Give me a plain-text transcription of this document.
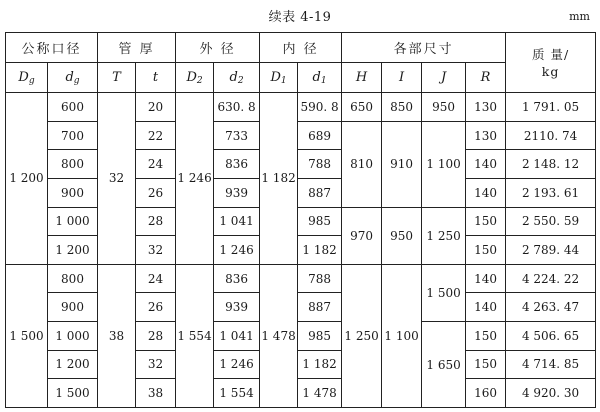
续表 4-19	mm
公称口径		管 厚		外 径		内 径		各部尺寸				质 量/
kg

$D_g$	$d_g$	T	t	$D_2$	$d_2$	$D_1$	$d_1$	H	I	J	R	
1 200	600	32	20	1 246	630. 8	1 182	590. 8	650	850	950	130	1 791. 05
	700		22		733		689	810	910	1 100	130	2110. 74
	800		24		836		788				140	2 148. 12
	900		26		939		887				140	2 193. 61
	1 000		28		1 041		985	970	950	1 250	150	2 550. 59
	1 200		32		1 246		1 182				150	2 789. 44
1 500	800	38	24	1 554	836	1 478	788	1 250	1 100	1 500	140	4 224. 22
	900		26		939		887				140	4 263. 47
	1 000		28		1 041		985			1 650	150	4 506. 65
	1 200		32		1 246		1 182				150	4 714. 85
	1 500		38		1 554		1 478				160	4 920. 30
